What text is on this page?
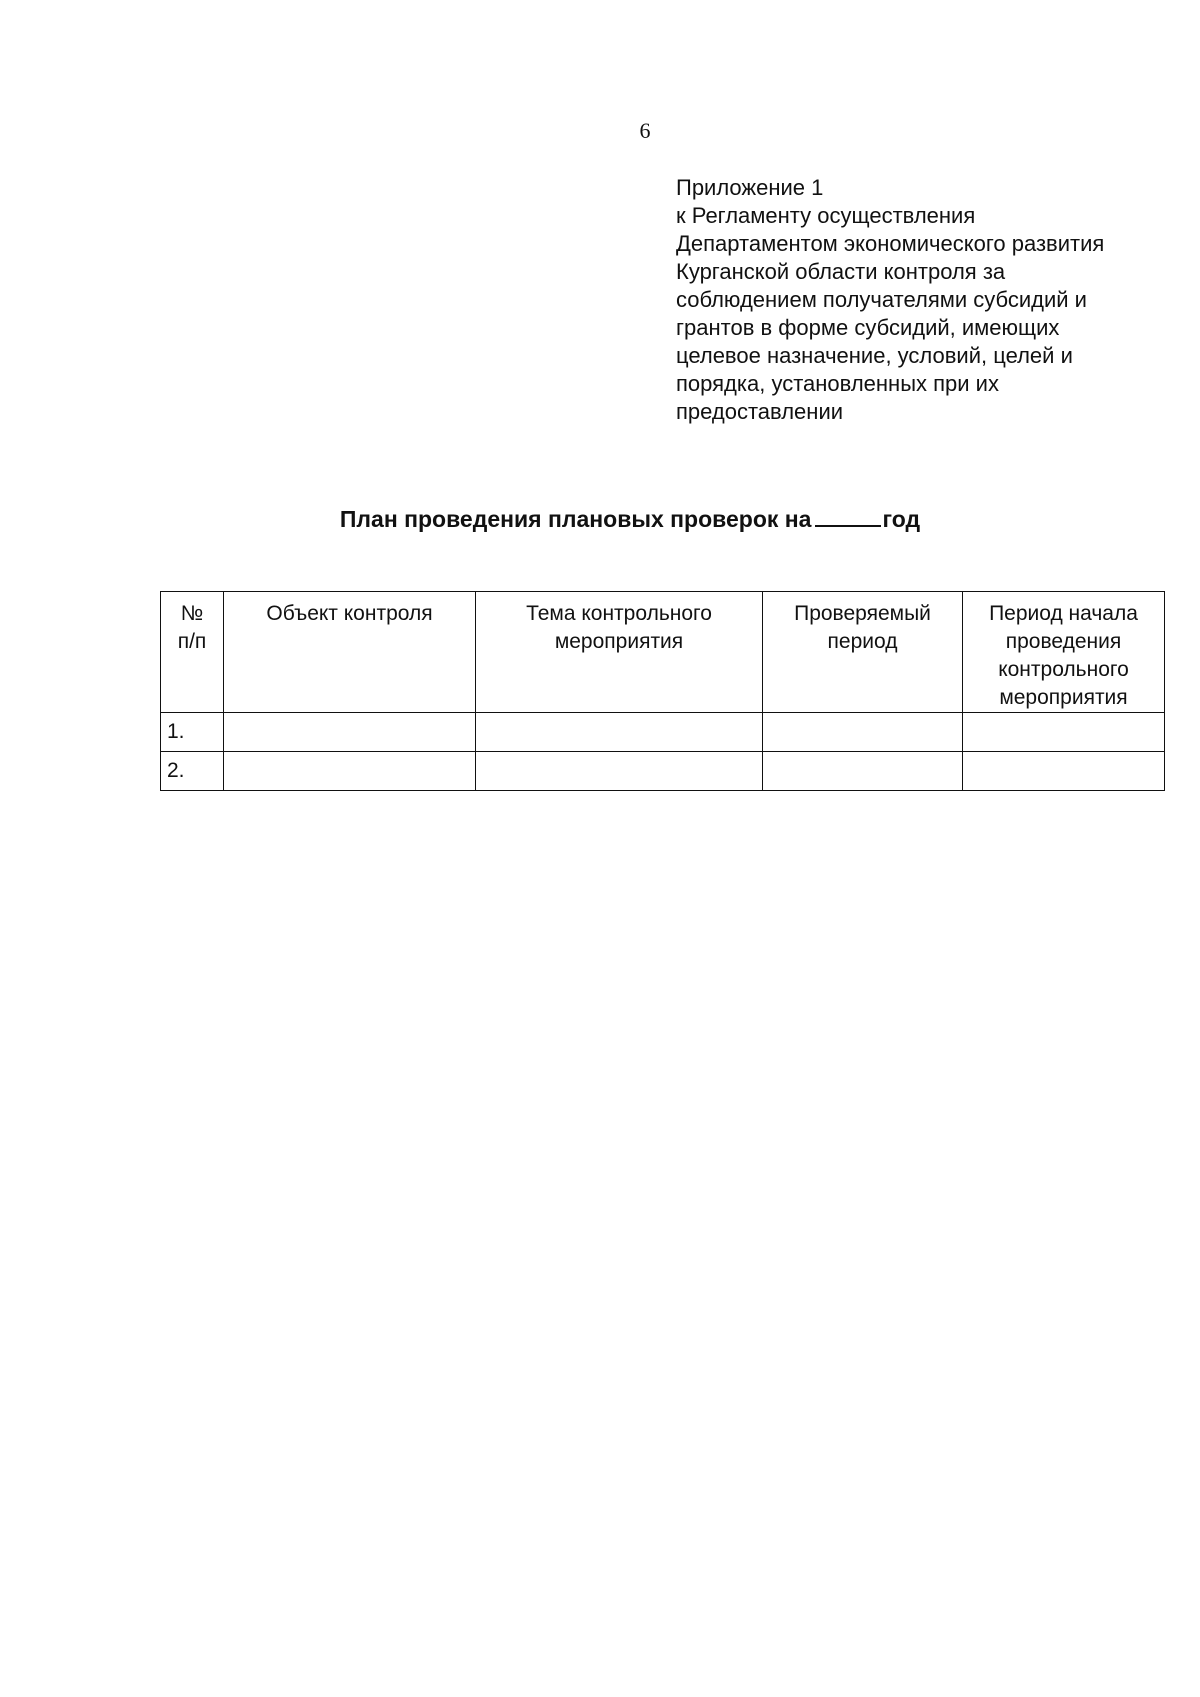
6
Приложение 1
к Регламенту осуществления
Департаментом экономического развития
Курганской области контроля за
соблюдением получателями субсидий и
грантов в форме субсидий, имеющих
целевое назначение, условий, целей и
порядка, установленных при их
предоставлении
План проведения плановых проверок на	год
№ п/п	Объект контроля	Тема контрольного мероприятия	Проверяемый период	Период начала проведения контрольного мероприятия

1.				
2.				
